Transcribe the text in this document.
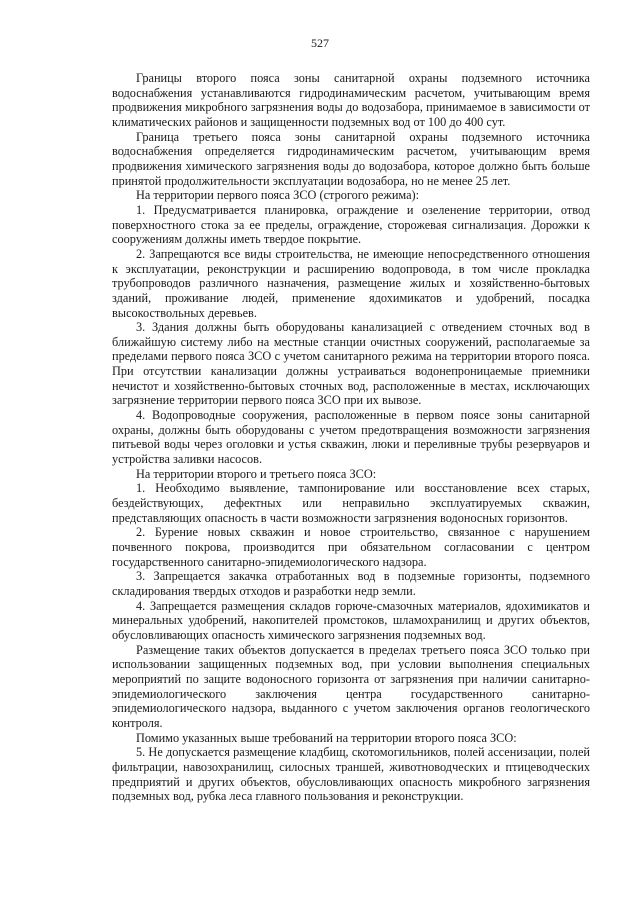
527

Границы второго пояса зоны санитарной охраны подземного источника водоснабжения устанавливаются гидродинамическим расчетом, учитывающим время продвижения микробного загрязнения воды до водозабора, принимаемое в зависимости от климатических районов и защищенности подземных вод от 100 до 400 сут.

Граница третьего пояса зоны санитарной охраны подземного источника водоснабжения определяется гидродинамическим расчетом, учитывающим время продвижения химического загрязнения воды до водозабора, которое должно быть больше принятой продолжительности эксплуатации водозабора, но не менее 25 лет.

На территории первого пояса ЗСО (строгого режима):

1. Предусматривается планировка, ограждение и озеленение территории, отвод поверхностного стока за ее пределы, ограждение, сторожевая сигнализация. Дорожки к сооружениям должны иметь твердое покрытие.

2. Запрещаются все виды строительства, не имеющие непосредственного отношения к эксплуатации, реконструкции и расширению водопровода, в том числе прокладка трубопроводов различного назначения, размещение жилых и хозяйственно-бытовых зданий, проживание людей, применение ядохимикатов и удобрений, посадка высокоствольных деревьев.

3. Здания должны быть оборудованы канализацией с отведением сточных вод в ближайшую систему либо на местные станции очистных сооружений, располагаемые за пределами первого пояса ЗСО с учетом санитарного режима на территории второго пояса. При отсутствии канализации должны устраиваться водонепроницаемые приемники нечистот и хозяйственно-бытовых сточных вод, расположенные в местах, исключающих загрязнение территории первого пояса ЗСО при их вывозе.

4. Водопроводные сооружения, расположенные в первом поясе зоны санитарной охраны, должны быть оборудованы с учетом предотвращения возможности загрязнения питьевой воды через оголовки и устья скважин, люки и переливные трубы резервуаров и устройства заливки насосов.

На территории второго и третьего пояса ЗСО:

1. Необходимо выявление, тампонирование или восстановление всех старых, бездействующих, дефектных или неправильно эксплуатируемых скважин, представляющих опасность в части возможности загрязнения водоносных горизонтов.

2. Бурение новых скважин и новое строительство, связанное с нарушением почвенного покрова, производится при обязательном согласовании с центром государственного санитарно-эпидемиологического надзора.

3. Запрещается закачка отработанных вод в подземные горизонты, подземного складирования твердых отходов и разработки недр земли.

4. Запрещается размещения складов горюче-смазочных материалов, ядохимикатов и минеральных удобрений, накопителей промстоков, шламохранилищ и других объектов, обусловливающих опасность химического загрязнения подземных вод.

Размещение таких объектов допускается в пределах третьего пояса ЗСО только при использовании защищенных подземных вод, при условии выполнения специальных мероприятий по защите водоносного горизонта от загрязнения при наличии санитарно-эпидемиологического заключения центра государственного санитарно-эпидемиологического надзора, выданного с учетом заключения органов геологического контроля.

Помимо указанных выше требований на территории второго пояса ЗСО:

5. Не допускается размещение кладбищ, скотомогильников, полей ассенизации, полей фильтрации, навозохранилищ, силосных траншей, животноводческих и птицеводческих предприятий и других объектов, обусловливающих опасность микробного загрязнения подземных вод, рубка леса главного пользования и реконструкции.
